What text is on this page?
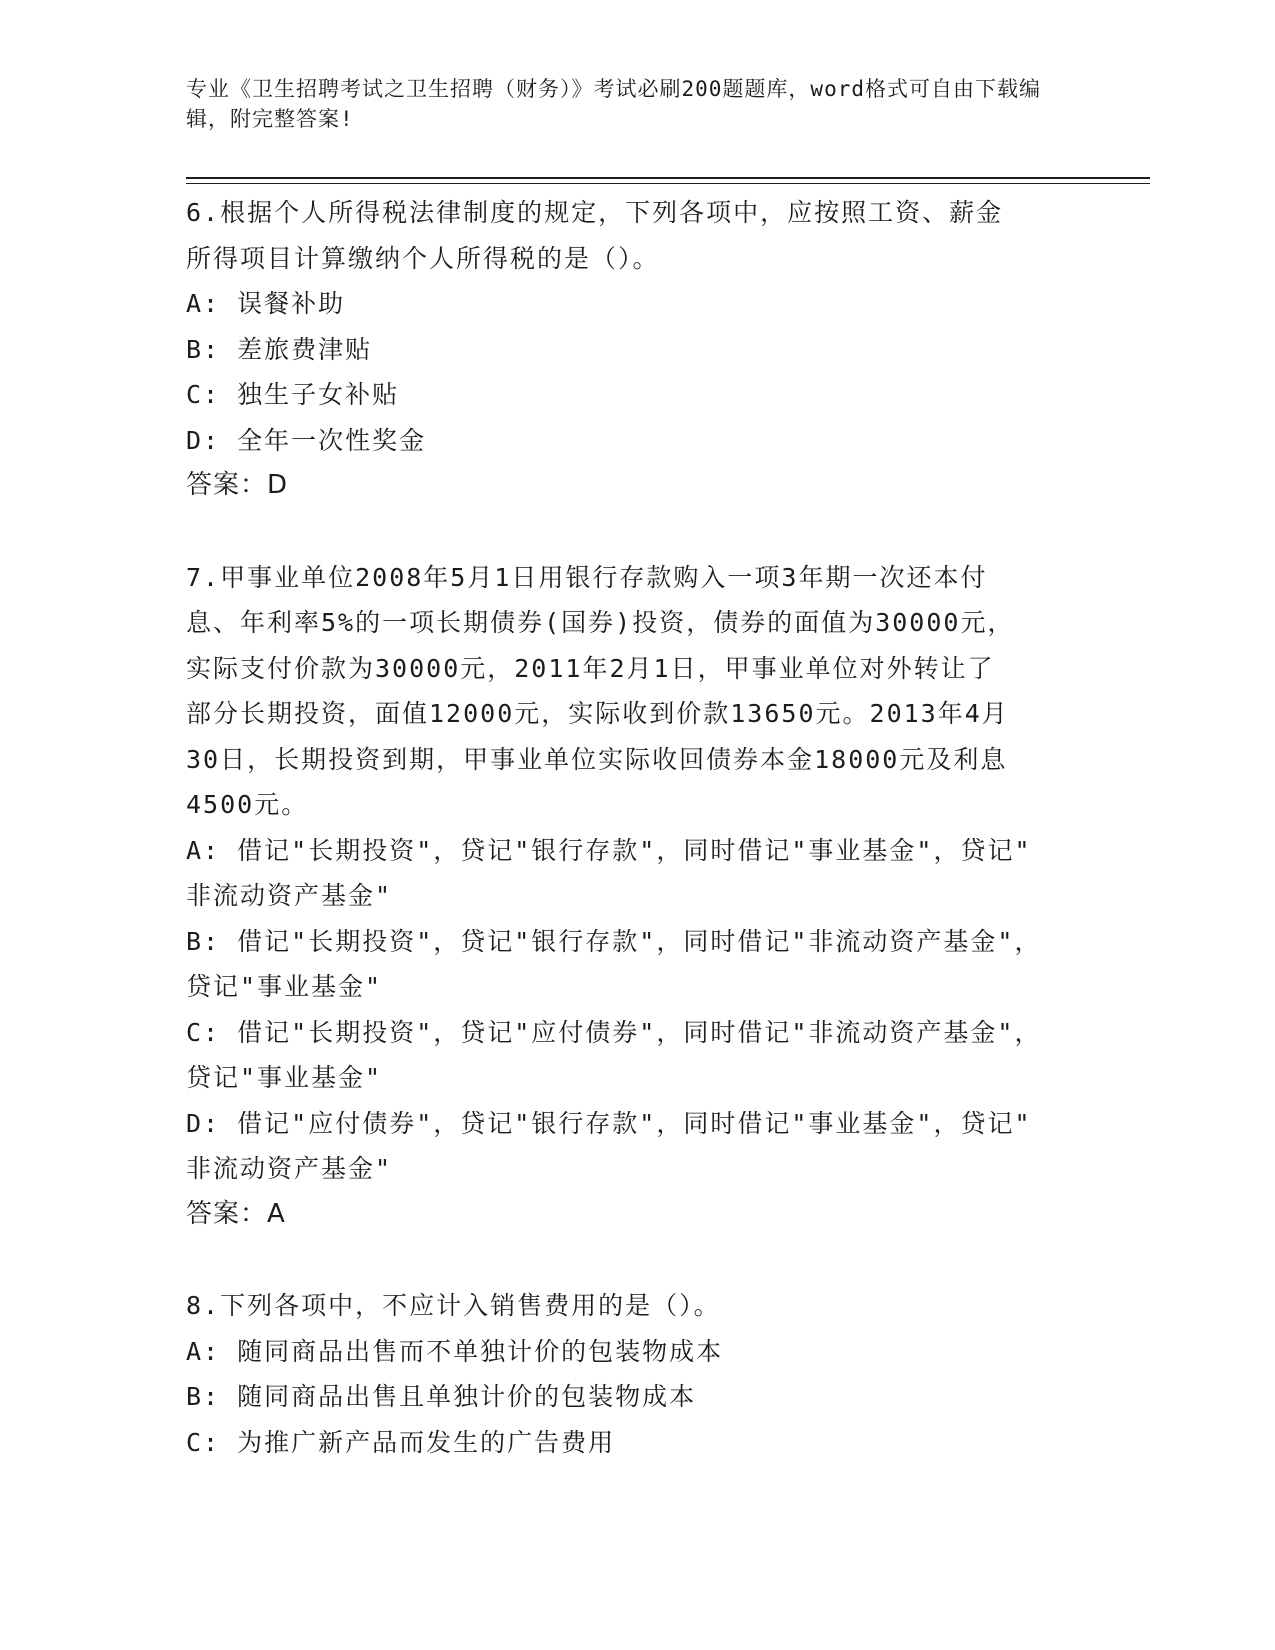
专业《卫生招聘考试之卫生招聘（财务）》考试必刷200题题库，word格式可自由下载编辑，附完整答案!
6.根据个人所得税法律制度的规定，下列各项中，应按照工资、薪金
所得项目计算缴纳个人所得税的是（）。
A: 误餐补助
B: 差旅费津贴
C: 独生子女补贴
D: 全年一次性奖金
答案：D
7.甲事业单位2008年5月1日用银行存款购入一项3年期一次还本付
息、年利率5%的一项长期债券(国券)投资，债券的面值为30000元，
实际支付价款为30000元，2011年2月1日，甲事业单位对外转让了
部分长期投资，面值12000元，实际收到价款13650元。2013年4月
30日，长期投资到期，甲事业单位实际收回债券本金18000元及利息
4500元。
A: 借记"长期投资"，贷记"银行存款"，同时借记"事业基金"，贷记"
非流动资产基金"
B: 借记"长期投资"，贷记"银行存款"，同时借记"非流动资产基金"，
贷记"事业基金"
C: 借记"长期投资"，贷记"应付债券"，同时借记"非流动资产基金"，
贷记"事业基金"
D: 借记"应付债券"，贷记"银行存款"，同时借记"事业基金"，贷记"
非流动资产基金"
答案：A
8.下列各项中，不应计入销售费用的是（）。
A: 随同商品出售而不单独计价的包装物成本
B: 随同商品出售且单独计价的包装物成本
C: 为推广新产品而发生的广告费用
